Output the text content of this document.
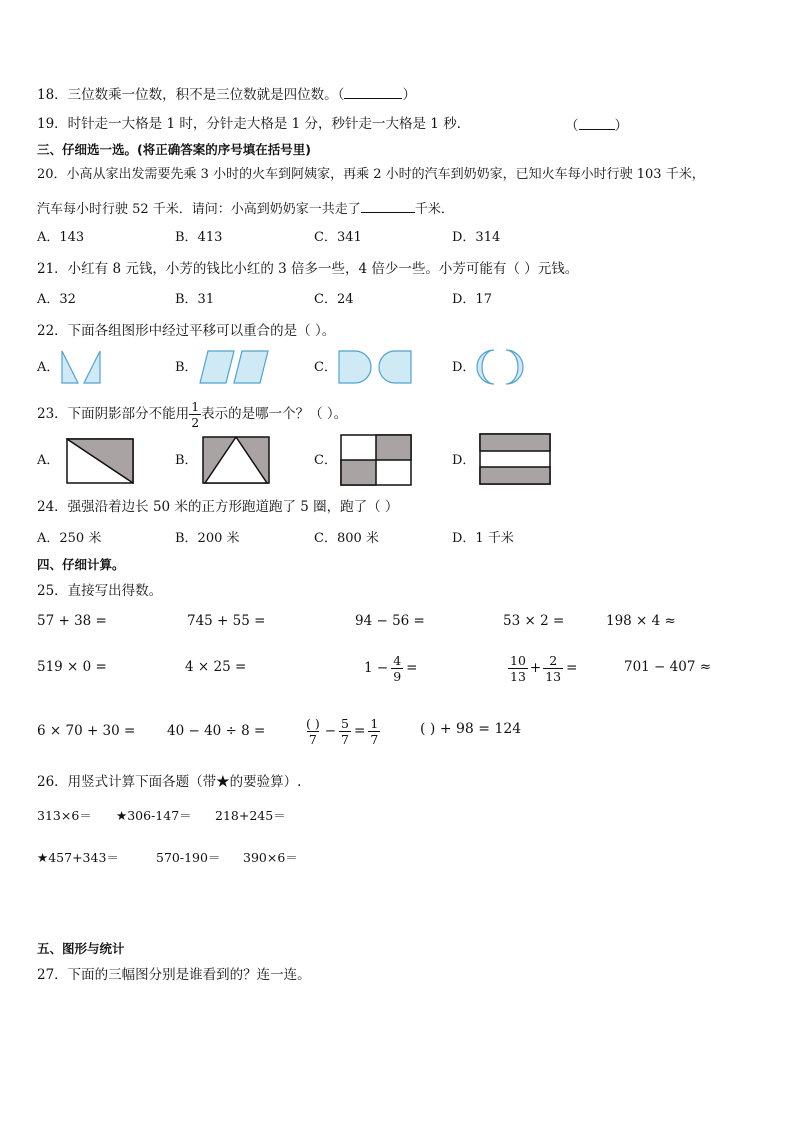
18．三位数乘一位数，积不是三位数就是四位数。（	）
19．时针走一大格是 1 时，分针走大格是 1 分，秒针走一大格是 1 秒．	（	）
三、仔细选一选。(将正确答案的序号填在括号里)
20．小高从家出发需要先乘 3 小时的火车到阿姨家，再乘 2 小时的汽车到奶奶家，已知火车每小时行驶 103 千米，
汽车每小时行驶 52 千米．请问：小高到奶奶家一共走了	千米．
A．143	B．413	C．341	D．314
21．小红有 8 元钱，小芳的钱比小红的 3 倍多一些，4 倍少一些。小芳可能有（ ）元钱。
A．32	B．31	C．24	D．17
22．下面各组图形中经过平移可以重合的是（ ）。
A．	B．	C．	D．
23．下面阴影部分不能用 $\frac{1}{2}$ 表示的是哪一个？（ ）。
A．	B．	C．	D．
24．强强沿着边长 50 米的正方形跑道跑了 5 圈，跑了（ ）
A．250 米	B．200 米	C．800 米	D．1 千米
四、仔细计算。
25．直接写出得数。
57 + 38 =	745 + 55 =	94 − 56 =	53 × 2 =	198 × 4 ≈
519 × 0 =	4 × 25 =	$1 - \frac{4}{9}$ =	$\frac{10}{13} + \frac{2}{13}$ =	701 − 407 ≈
6 × 70 + 30 = 40 − 40 ÷ 8 =	$\frac{( )}{7} - \frac{5}{7} = \frac{1}{7}$	( ) + 98 = 124
26．用竖式计算下面各题（带★的要验算）.
313×6＝ ★306-147＝ 218+245＝
★457+343＝	570-190＝ 390×6＝
五、图形与统计
27．下面的三幅图分别是谁看到的？连一连。
